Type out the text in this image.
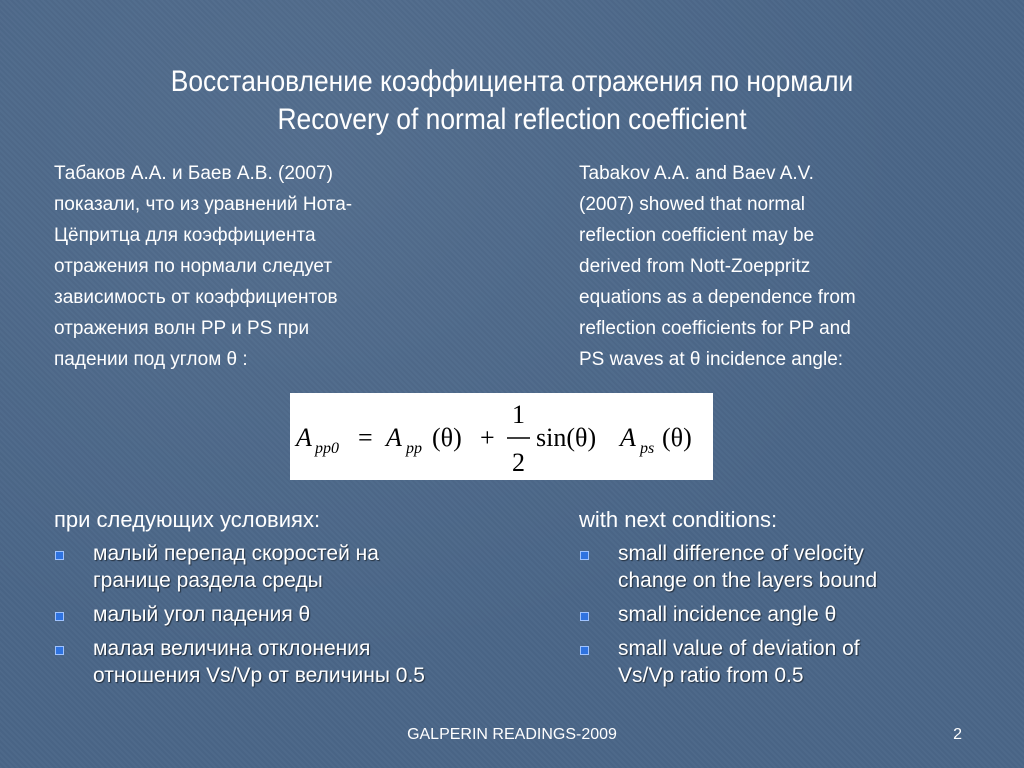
Восстановление коэффициента отражения по нормали
Recovery of normal reflection coefficient
Табаков А.А. и Баев А.В. (2007)
показали, что из уравнений Нота-
Цёпритца для коэффициента
отражения по нормали следует
зависимость от коэффициентов
отражения волн PP и PS при
падении под углом θ :
Tabakov A.A. and Baev A.V.
(2007) showed that normal
reflection coefficient may be
derived from Nott-Zoeppritz
equations as a dependence from
reflection coefficients for PP and
PS waves at θ incidence angle:
A pp0 = A pp (θ) +
1
2
sin(θ) A ps (θ)
при следующих условиях:	with next conditions:
малый перепад скоростей на
границе раздела среды
малый угол падения θ
малая величина отклонения
отношения Vs/Vp от величины 0.5
small difference of velocity
change on the layers bound
small incidence angle θ
small value of deviation of
Vs/Vp ratio from 0.5
GALPERIN READINGS-2009	2
